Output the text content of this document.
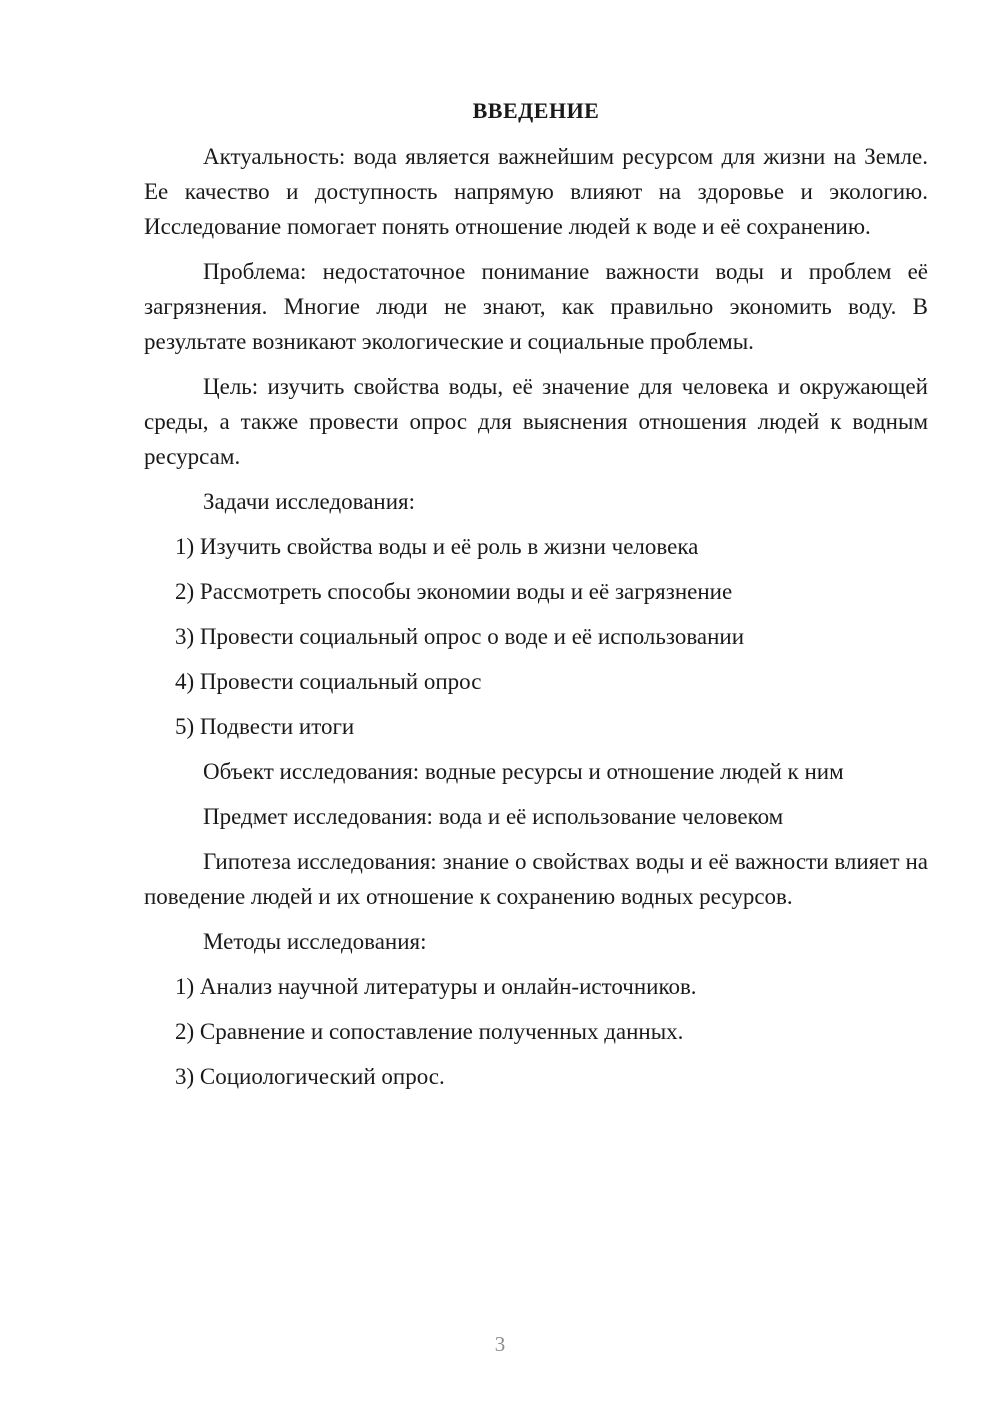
ВВЕДЕНИЕ
Актуальность: вода является важнейшим ресурсом для жизни на Земле. Ее качество и доступность напрямую влияют на здоровье и экологию. Исследование помогает понять отношение людей к воде и её сохранению.
Проблема: недостаточное понимание важности воды и проблем её загрязнения. Многие люди не знают, как правильно экономить воду. В результате возникают экологические и социальные проблемы.
Цель: изучить свойства воды, её значение для человека и окружающей среды, а также провести опрос для выяснения отношения людей к водным ресурсам.
Задачи исследования:
1) Изучить свойства воды и её роль в жизни человека
2) Рассмотреть способы экономии воды и её загрязнение
3) Провести социальный опрос о воде и её использовании
4) Провести социальный опрос
5) Подвести итоги
Объект исследования: водные ресурсы и отношение людей к ним
Предмет исследования: вода и её использование человеком
Гипотеза исследования: знание о свойствах воды и её важности влияет на поведение людей и их отношение к сохранению водных ресурсов.
Методы исследования:
1) Анализ научной литературы и онлайн-источников.
2) Сравнение и сопоставление полученных данных.
3) Социологический опрос.
3
